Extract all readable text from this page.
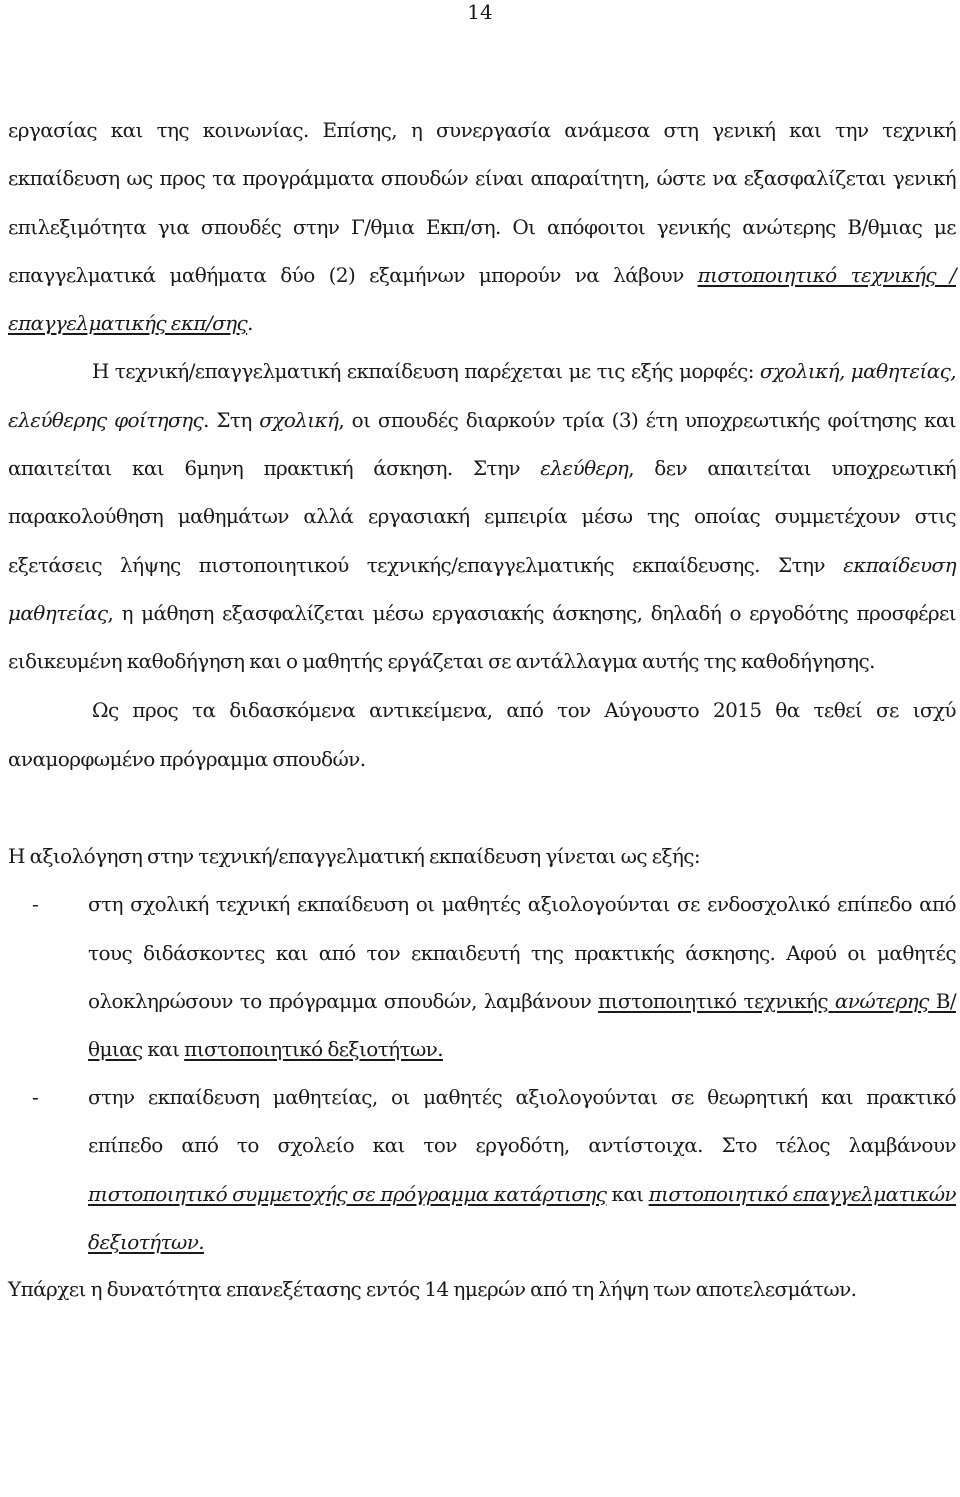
14

εργασίας και της κοινωνίας. Επίσης, η συνεργασία ανάμεσα στη γενική και την τεχνική εκπαίδευση ως προς τα προγράμματα σπουδών είναι απαραίτητη, ώστε να εξασφαλίζεται γενική επιλεξιμότητα για σπουδές στην Γ/θμια Εκπ/ση. Οι απόφοιτοι γενικής ανώτερης Β/θμιας με επαγγελματικά μαθήματα δύο (2) εξαμήνων μπορούν να λάβουν πιστοποιητικό τεχνικής /επαγγελματικής εκπ/σης.

Η τεχνική/επαγγελματική εκπαίδευση παρέχεται με τις εξής μορφές: σχολική, μαθητείας, ελεύθερης φοίτησης. Στη σχολική, οι σπουδές διαρκούν τρία (3) έτη υποχρεωτικής φοίτησης και απαιτείται και 6μηνη πρακτική άσκηση. Στην ελεύθερη, δεν απαιτείται υποχρεωτική παρακολούθηση μαθημάτων αλλά εργασιακή εμπειρία μέσω της οποίας συμμετέχουν στις εξετάσεις λήψης πιστοποιητικού τεχνικής/επαγγελματικής εκπαίδευσης. Στην εκπαίδευση μαθητείας, η μάθηση εξασφαλίζεται μέσω εργασιακής άσκησης, δηλαδή ο εργοδότης προσφέρει ειδικευμένη καθοδήγηση και ο μαθητής εργάζεται σε αντάλλαγμα αυτής της καθοδήγησης.

Ως προς τα διδασκόμενα αντικείμενα, από τον Αύγουστο 2015 θα τεθεί σε ισχύ αναμορφωμένο πρόγραμμα σπουδών.

Η αξιολόγηση στην τεχνική/επαγγελματική εκπαίδευση γίνεται ως εξής:

- στη σχολική τεχνική εκπαίδευση οι μαθητές αξιολογούνται σε ενδοσχολικό επίπεδο από τους διδάσκοντες και από τον εκπαιδευτή της πρακτικής άσκησης. Αφού οι μαθητές ολοκληρώσουν το πρόγραμμα σπουδών, λαμβάνουν πιστοποιητικό τεχνικής ανώτερης Β/θμιας και πιστοποιητικό δεξιοτήτων.
- στην εκπαίδευση μαθητείας, οι μαθητές αξιολογούνται σε θεωρητική και πρακτικό επίπεδο από το σχολείο και τον εργοδότη, αντίστοιχα. Στο τέλος λαμβάνουν πιστοποιητικό συμμετοχής σε πρόγραμμα κατάρτισης και πιστοποιητικό επαγγελματικών δεξιοτήτων.

Υπάρχει η δυνατότητα επανεξέτασης εντός 14 ημερών από τη λήψη των αποτελεσμάτων.
